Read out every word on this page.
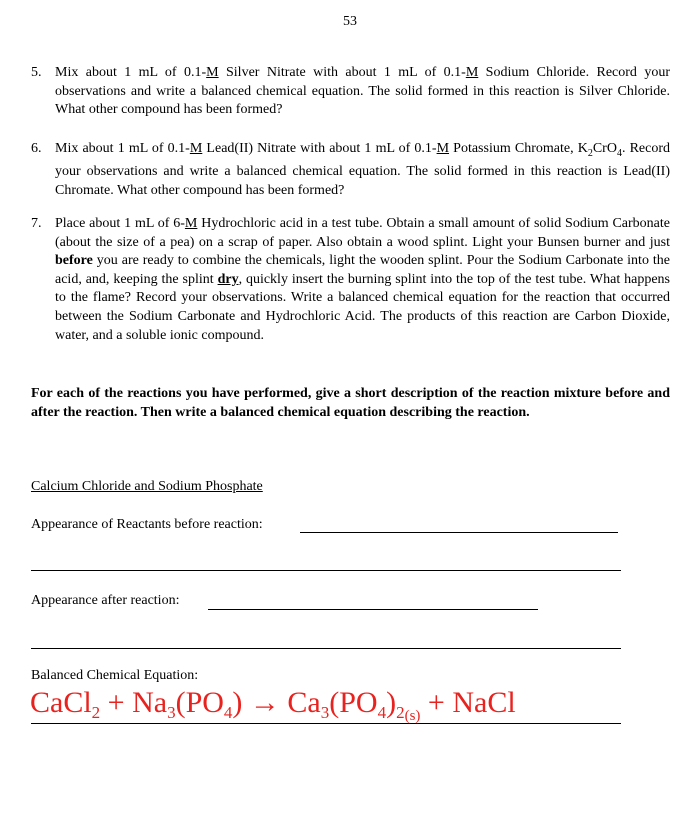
53
5. Mix about 1 mL of 0.1-M Silver Nitrate with about 1 mL of 0.1-M Sodium Chloride. Record your observations and write a balanced chemical equation. The solid formed in this reaction is Silver Chloride. What other compound has been formed?
6. Mix about 1 mL of 0.1-M Lead(II) Nitrate with about 1 mL of 0.1-M Potassium Chromate, $K_2CrO_4$. Record your observations and write a balanced chemical equation. The solid formed in this reaction is Lead(II) Chromate. What other compound has been formed?
7. Place about 1 mL of 6-M Hydrochloric acid in a test tube. Obtain a small amount of solid Sodium Carbonate (about the size of a pea) on a scrap of paper. Also obtain a wood splint. Light your Bunsen burner and just before you are ready to combine the chemicals, light the wooden splint. Pour the Sodium Carbonate into the acid, and, keeping the splint dry, quickly insert the burning splint into the top of the test tube. What happens to the flame? Record your observations. Write a balanced chemical equation for the reaction that occurred between the Sodium Carbonate and Hydrochloric Acid. The products of this reaction are Carbon Dioxide, water, and a soluble ionic compound.
For each of the reactions you have performed, give a short description of the reaction mixture before and after the reaction. Then write a balanced chemical equation describing the reaction.
Calcium Chloride and Sodium Phosphate
Appearance of Reactants before reaction:
Appearance after reaction:
Balanced Chemical Equation:
CaCl$_2$ + $Na_3(PO_4) \to Ca_3(PO_4)_{2(s)}$ + NaCl
